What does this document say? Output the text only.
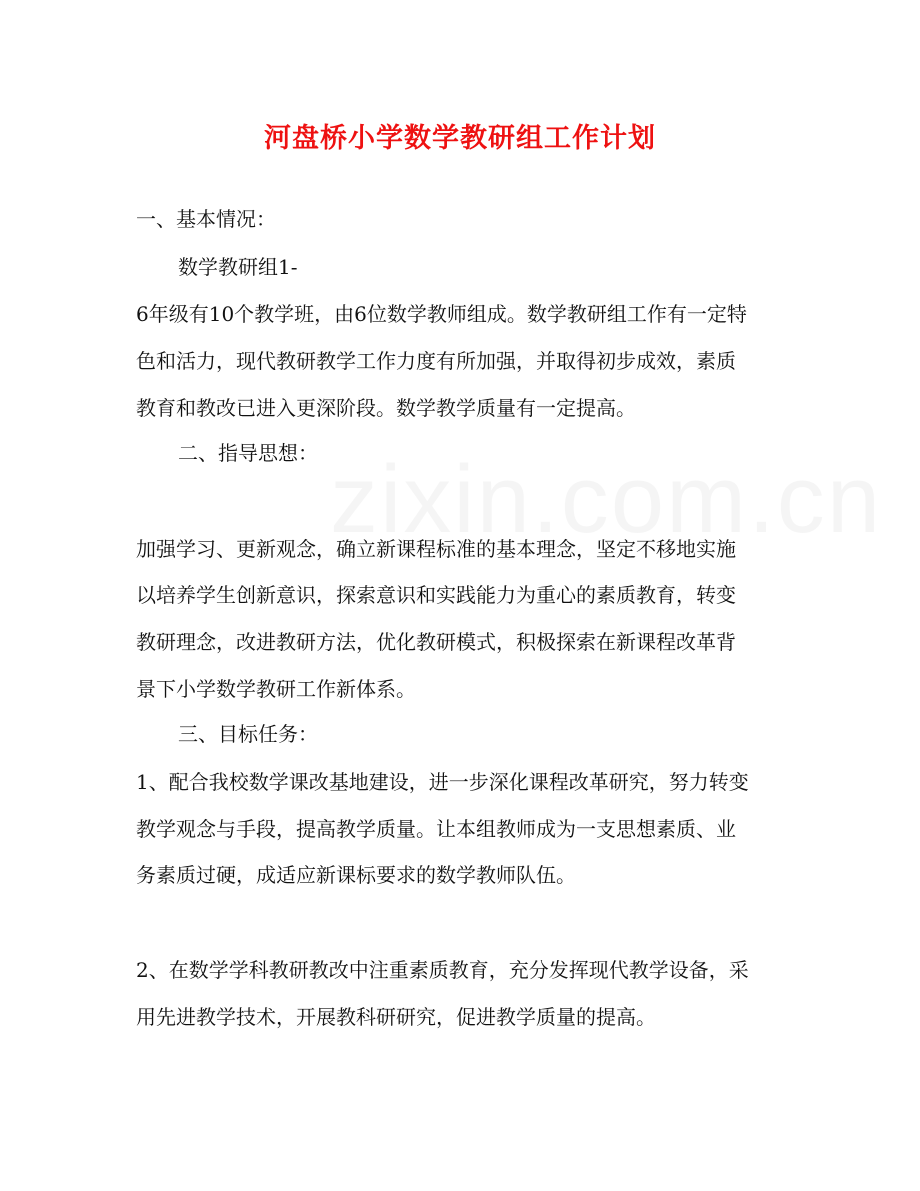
河盘桥小学数学教研组工作计划
一、基本情况：
数学教研组1-
6年级有10个教学班，由6位数学教师组成。数学教研组工作有一定特
色和活力，现代教研教学工作力度有所加强，并取得初步成效，素质
教育和教改已进入更深阶段。数学教学质量有一定提高。
二、指导思想：
加强学习、更新观念，确立新课程标准的基本理念，坚定不移地实施
以培养学生创新意识，探索意识和实践能力为重心的素质教育，转变
教研理念，改进教研方法，优化教研模式，积极探索在新课程改革背
景下小学数学教研工作新体系。
三、目标任务：
1、配合我校数学课改基地建设，进一步深化课程改革研究，努力转变
教学观念与手段，提高教学质量。让本组教师成为一支思想素质、业
务素质过硬，成适应新课标要求的数学教师队伍。
2、在数学学科教研教改中注重素质教育，充分发挥现代教学设备，采
用先进教学技术，开展教科研研究，促进教学质量的提高。
